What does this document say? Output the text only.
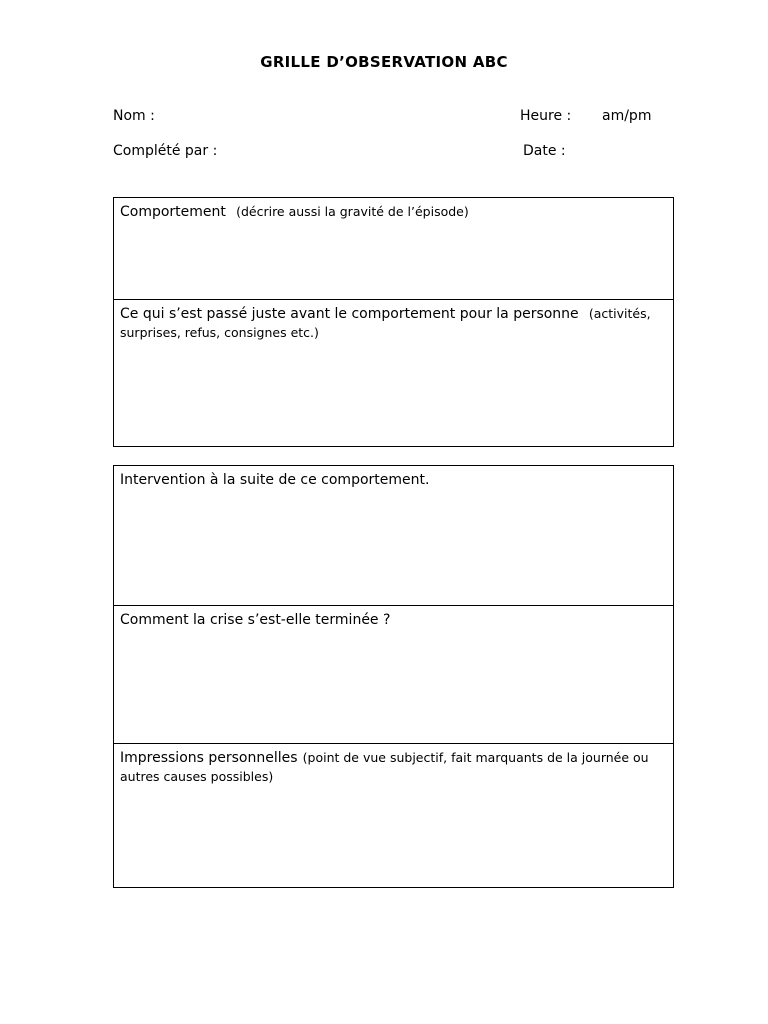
GRILLE D’OBSERVATION ABC
Nom :
Complété par :
Heure : am/pm
Date :
Comportement (décrire aussi la gravité de l’épisode)
Ce qui s’est passé juste avant le comportement pour la personne (activités, surprises, refus, consignes etc.)
Intervention à la suite de ce comportement.
Comment la crise s’est-elle terminée ?
Impressions personnelles (point de vue subjectif, fait marquants de la journée ou autres causes possibles)
